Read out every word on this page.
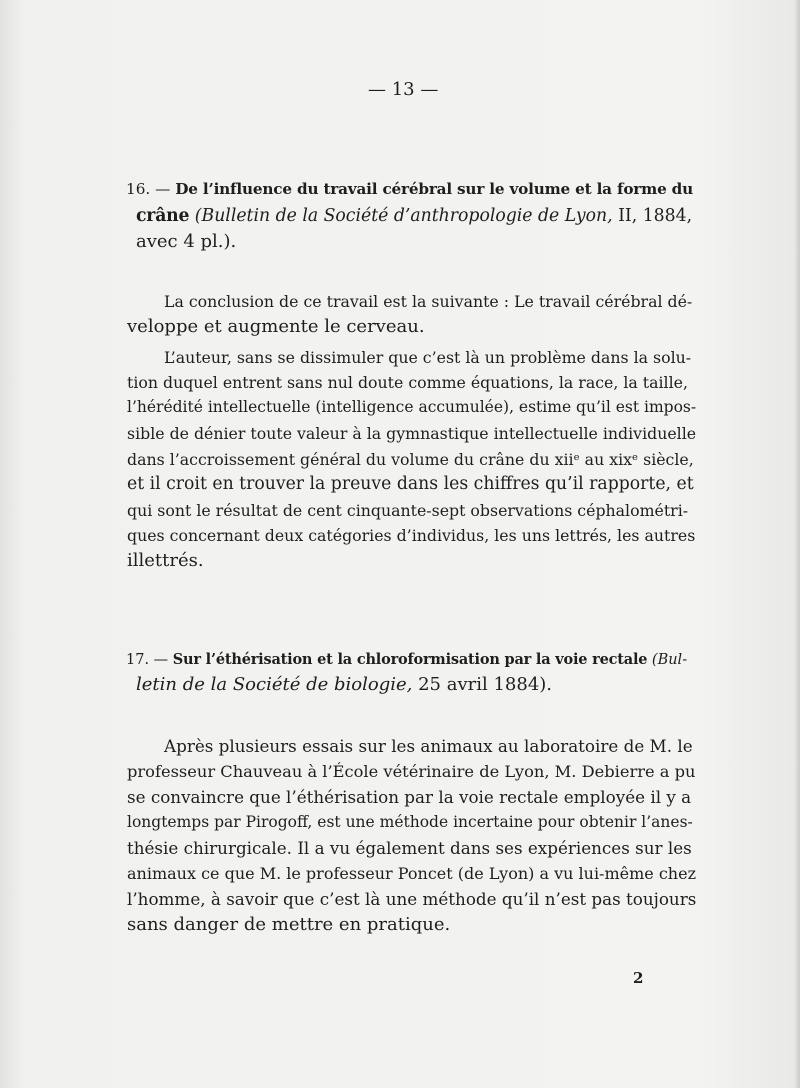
— 13 —
16. — De l’influence du travail cérébral sur le volume et la forme du
crâne (Bulletin de la Société d’anthropologie de Lyon, II, 1884,
avec 4 pl.).
La conclusion de ce travail est la suivante : Le travail cérébral dé-
veloppe et augmente le cerveau.
L’auteur, sans se dissimuler que c’est là un problème dans la solu-
tion duquel entrent sans nul doute comme équations, la race, la taille,
l’hérédité intellectuelle (intelligence accumulée), estime qu’il est impos-
sible de dénier toute valeur à la gymnastique intellectuelle individuelle
dans l’accroissement général du volume du crâne du xiiᵉ au xixᵉ siècle,
et il croit en trouver la preuve dans les chiffres qu’il rapporte, et
qui sont le résultat de cent cinquante-sept observations céphalométri-
ques concernant deux catégories d’individus, les uns lettrés, les autres
illettrés.
17. — Sur l’éthérisation et la chloroformisation par la voie rectale (Bul-
letin de la Société de biologie, 25 avril 1884).
Après plusieurs essais sur les animaux au laboratoire de M. le
professeur Chauveau à l’École vétérinaire de Lyon, M. Debierre a pu
se convaincre que l’éthérisation par la voie rectale employée il y a
longtemps par Pirogoff, est une méthode incertaine pour obtenir l’anes-
thésie chirurgicale. Il a vu également dans ses expériences sur les
animaux ce que M. le professeur Poncet (de Lyon) a vu lui-même chez
l’homme, à savoir que c’est là une méthode qu’il n’est pas toujours
sans danger de mettre en pratique.
2
